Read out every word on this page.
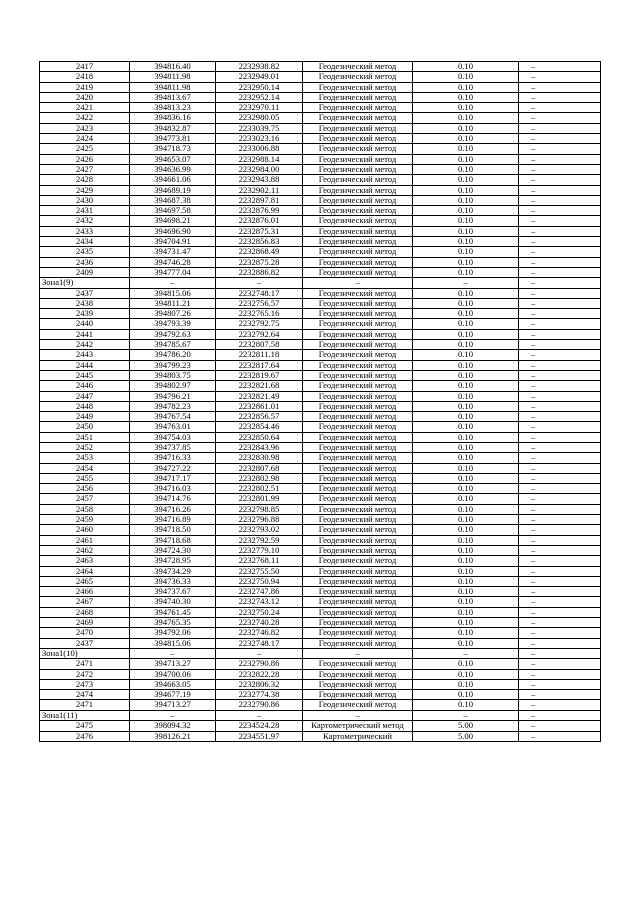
2417	394816.40	2232938.82	Геодезический метод	0.10	–
2418	394811.98	2232949.01	Геодезический метод	0.10	–
2419	394811.98	2232950.14	Геодезический метод	0.10	–
2420	394813.67	2232952.14	Геодезический метод	0.10	–
2421	394813.23	2232970.11	Геодезический метод	0.10	–
2422	394836.16	2232980.05	Геодезический метод	0.10	–
2423	394832.87	2233039.75	Геодезический метод	0.10	–
2424	394773.81	2233023.16	Геодезический метод	0.10	–
2425	394718.73	2233006.88	Геодезический метод	0.10	–
2426	394653.07	2232988.14	Геодезический метод	0.10	–
2427	394636.99	2232984.00	Геодезический метод	0.10	–
2428	394661.06	2232943.88	Геодезический метод	0.10	–
2429	394689.19	2232902.11	Геодезический метод	0.10	–
2430	394687.38	2232897.81	Геодезический метод	0.10	–
2431	394697.58	2232876.99	Геодезический метод	0.10	–
2432	394698.21	2232876.01	Геодезический метод	0.10	–
2433	394696.90	2232875.31	Геодезический метод	0.10	–
2434	394704.91	2232856.83	Геодезический метод	0.10	–
2435	394731.47	2232868.49	Геодезический метод	0.10	–
2436	394746.28	2232875.28	Геодезический метод	0.10	–
2409	394777.04	2232886.82	Геодезический метод	0.10	–
Зона1(9)	–	–	–	–	–
2437	394815.06	2232748.17	Геодезический метод	0.10	–
2438	394811.21	2232756.57	Геодезический метод	0.10	–
2439	394807.26	2232765.16	Геодезический метод	0.10	–
2440	394793.39	2232792.75	Геодезический метод	0.10	–
2441	394792.63	2232792.64	Геодезический метод	0.10	–
2442	394785.67	2232807.58	Геодезический метод	0.10	–
2443	394786.20	2232811.18	Геодезический метод	0.10	–
2444	394799.23	2232817.64	Геодезический метод	0.10	–
2445	394803.75	2232819.67	Геодезический метод	0.10	–
2446	394802.97	2232821.68	Геодезический метод	0.10	–
2447	394796.21	2232821.49	Геодезический метод	0.10	–
2448	394782.23	2232861.01	Геодезический метод	0.10	–
2449	394767.54	2232856.57	Геодезический метод	0.10	–
2450	394763.01	2232854.46	Геодезический метод	0.10	–
2451	394754.03	2232850.64	Геодезический метод	0.10	–
2452	394737.85	2232843.96	Геодезический метод	0.10	–
2453	394716.33	2232830.98	Геодезический метод	0.10	–
2454	394727.22	2232807.68	Геодезический метод	0.10	–
2455	394717.17	2232802.98	Геодезический метод	0.10	–
2456	394716.03	2232802.51	Геодезический метод	0.10	–
2457	394714.76	2232801.99	Геодезический метод	0.10	–
2458	394716.26	2232798.85	Геодезический метод	0.10	–
2459	394716.89	2232796.88	Геодезический метод	0.10	–
2460	394718.50	2232793.02	Геодезический метод	0.10	–
2461	394718.68	2232792.59	Геодезический метод	0.10	–
2462	394724.30	2232779.10	Геодезический метод	0.10	–
2463	394728.95	2232768.11	Геодезический метод	0.10	–
2464	394734.29	2232755.50	Геодезический метод	0.10	–
2465	394736.33	2232750.94	Геодезический метод	0.10	–
2466	394737.67	2232747.86	Геодезический метод	0.10	–
2467	394740.30	2232743.12	Геодезический метод	0.10	–
2468	394761.45	2232750.24	Геодезический метод	0.10	–
2469	394765.35	2232740.28	Геодезический метод	0.10	–
2470	394792.06	2232746.82	Геодезический метод	0.10	–
2437	394815.06	2232748.17	Геодезический метод	0.10	–
Зона1(10)	–	–	–	–	–
2471	394713.27	2232790.86	Геодезический метод	0.10	–
2472	394700.06	2232822.28	Геодезический метод	0.10	–
2473	394663.05	2232806.32	Геодезический метод	0.10	–
2474	394677.19	2232774.38	Геодезический метод	0.10	–
2471	394713.27	2232790.86	Геодезический метод	0.10	–
Зона1(11)	–	–	–	–	–
2475	398094.32	2234524.28	Картометрический метод	5.00	–
2476	398126.21	2234551.97	Картометрический	5.00	–
